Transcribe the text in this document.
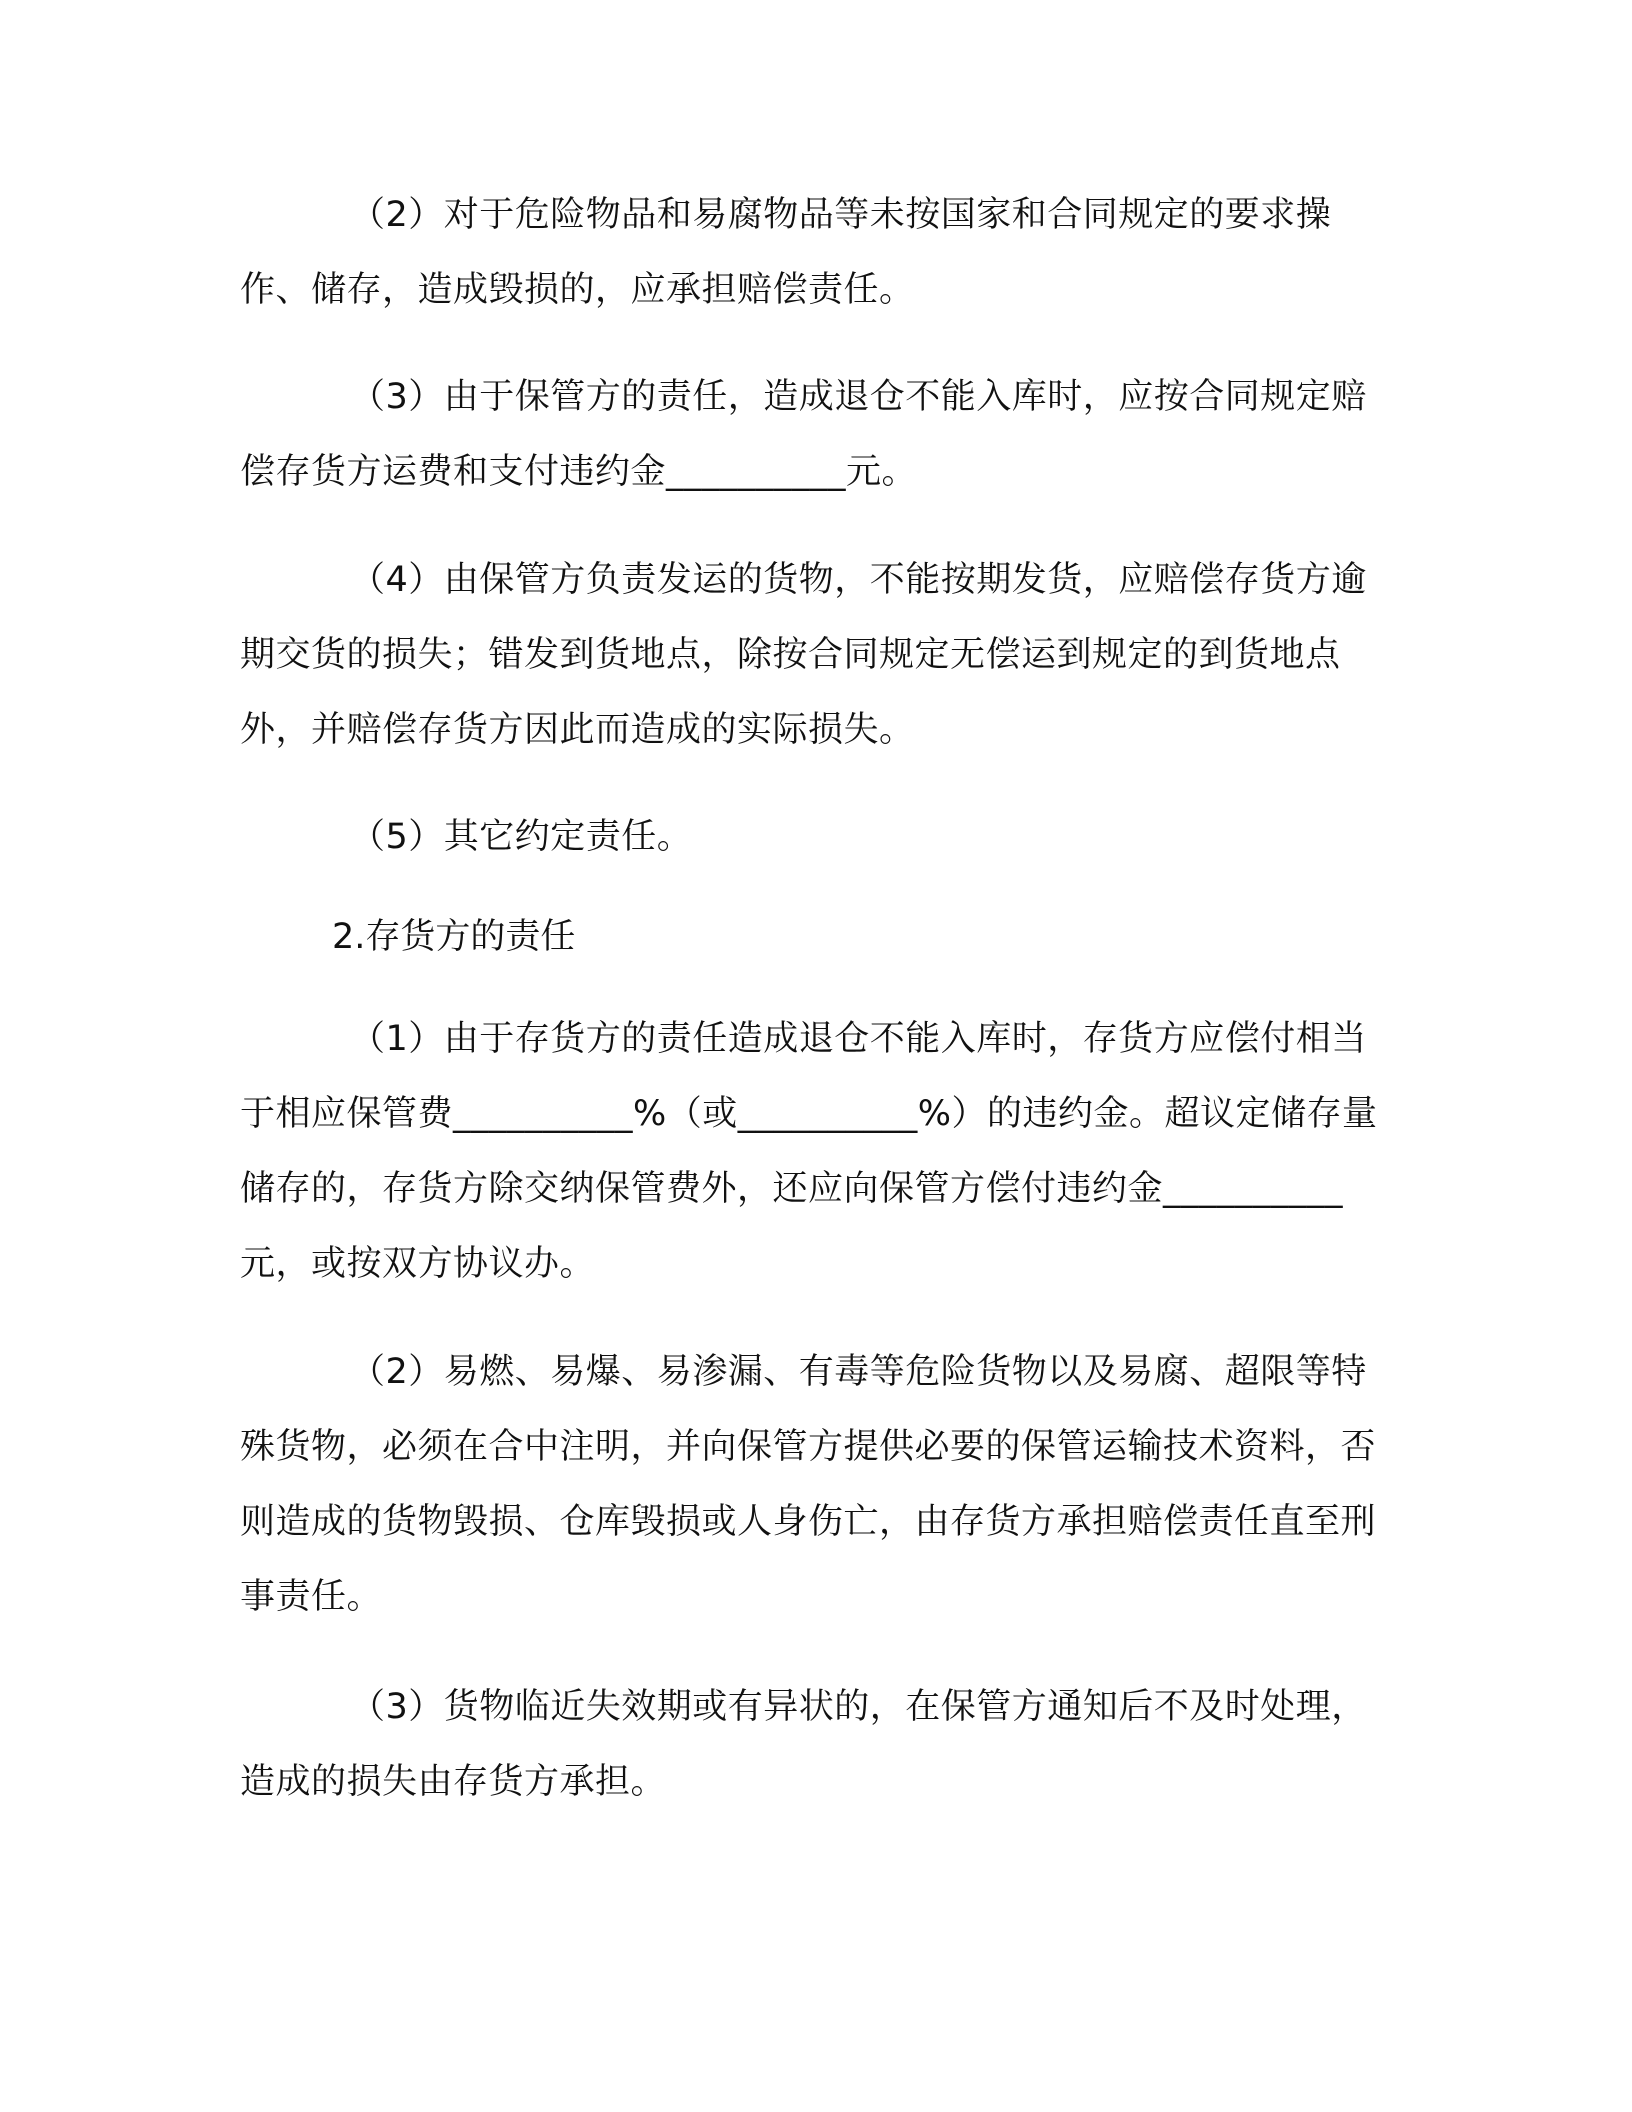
（2）对于危险物品和易腐物品等未按国家和合同规定的要求操作、储存，造成毁损的，应承担赔偿责任。

（3）由于保管方的责任，造成退仓不能入库时，应按合同规定赔偿存货方运费和支付违约金__________元。

（4）由保管方负责发运的货物，不能按期发货，应赔偿存货方逾期交货的损失；错发到货地点，除按合同规定无偿运到规定的到货地点外，并赔偿存货方因此而造成的实际损失。

（5）其它约定责任。

2.存货方的责任

（1）由于存货方的责任造成退仓不能入库时，存货方应偿付相当于相应保管费__________%（或__________%）的违约金。超议定储存量储存的，存货方除交纳保管费外，还应向保管方偿付违约金__________元，或按双方协议办。

（2）易燃、易爆、易渗漏、有毒等危险货物以及易腐、超限等特殊货物，必须在合中注明，并向保管方提供必要的保管运输技术资料，否则造成的货物毁损、仓库毁损或人身伤亡，由存货方承担赔偿责任直至刑事责任。

（3）货物临近失效期或有异状的，在保管方通知后不及时处理，造成的损失由存货方承担。
